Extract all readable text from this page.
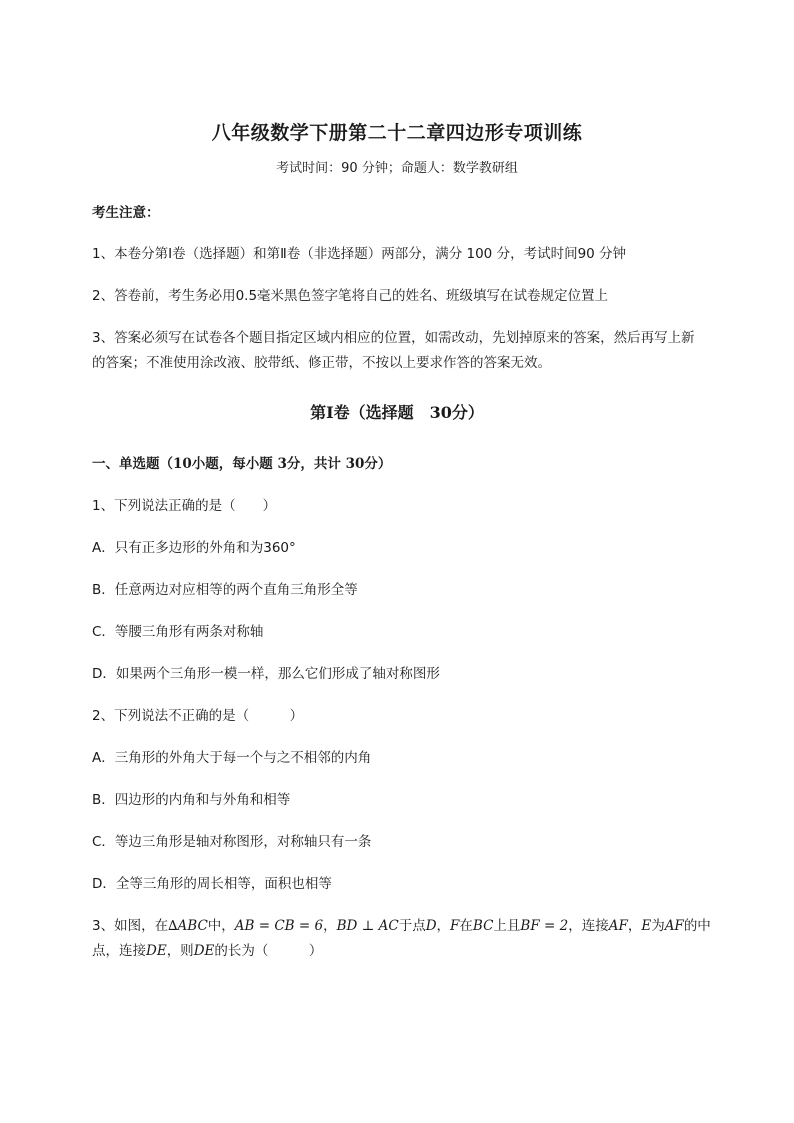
八年级数学下册第二十二章四边形专项训练
考试时间：90 分钟；命题人：数学教研组
考生注意：
1、本卷分第Ⅰ卷（选择题）和第Ⅱ卷（非选择题）两部分，满分 100 分，考试时间90 分钟
2、答卷前，考生务必用0.5毫米黑色签字笔将自己的姓名、班级填写在试卷规定位置上
3、答案必须写在试卷各个题目指定区域内相应的位置，如需改动，先划掉原来的答案，然后再写上新
的答案；不准使用涂改液、胶带纸、修正带，不按以上要求作答的答案无效。
第Ⅰ卷（选择题　30分）
一、单选题（10小题，每小题 3分，共计 30分）
1、下列说法正确的是（　　）
A．只有正多边形的外角和为360°
B．任意两边对应相等的两个直角三角形全等
C．等腰三角形有两条对称轴
D．如果两个三角形一模一样，那么它们形成了轴对称图形
2、下列说法不正确的是（　　　）
A．三角形的外角大于每一个与之不相邻的内角
B．四边形的内角和与外角和相等
C．等边三角形是轴对称图形，对称轴只有一条
D．全等三角形的周长相等，面积也相等
3、如图，在∆ABC中，AB = CB = 6，BD ⊥ AC于点D，F在BC上且BF = 2，连接AF，E为AF的中
点，连接DE，则DE的长为（　　　）
